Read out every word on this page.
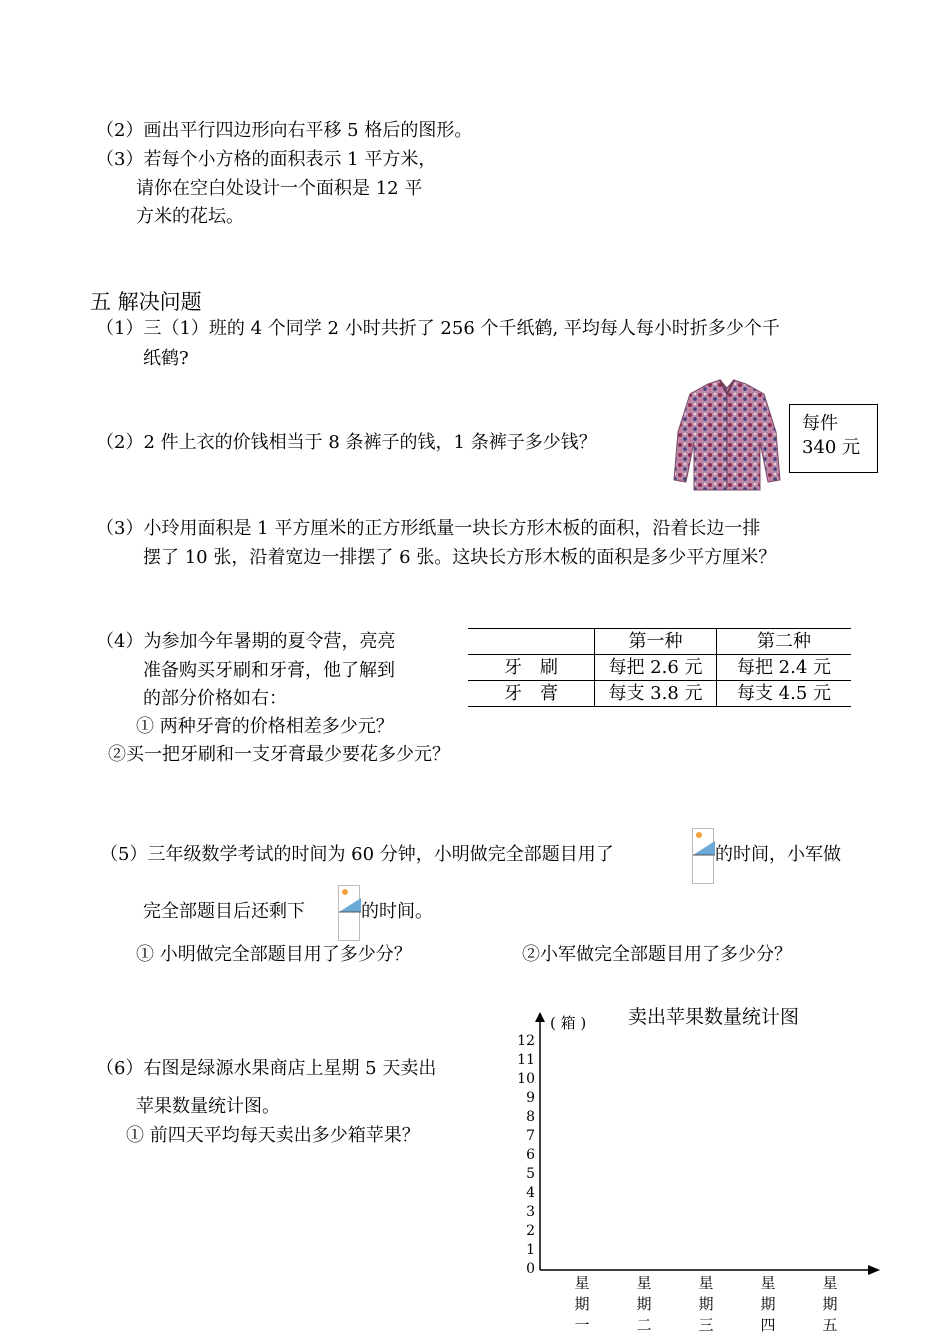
（2）画出平行四边形向右平移 5 格后的图形。
（3）若每个小方格的面积表示 1 平方米，
请你在空白处设计一个面积是 12 平
方米的花坛。
五 解决问题
（1）三（1）班的 4 个同学 2 小时共折了 256 个千纸鹤, 平均每人每小时折多少个千
纸鹤?
（2）2 件上衣的价钱相当于 8 条裤子的钱，1 条裤子多少钱？
每件
340 元
（3）小玲用面积是 1 平方厘米的正方形纸量一块长方形木板的面积，沿着长边一排
摆了 10 张，沿着宽边一排摆了 6 张。这块长方形木板的面积是多少平方厘米？
（4）为参加今年暑期的夏令营，亮亮
准备购买牙刷和牙膏，他了解到
的部分价格如右：
① 两种牙膏的价格相差多少元？
②买一把牙刷和一支牙膏最少要花多少元？
	第一种	第二种
牙　刷	每把 2.6 元	每把 2.4 元
牙　膏	每支 3.8 元	每支 4.5 元
（5）三年级数学考试的时间为 60 分钟，小明做完全部题目用了	的时间，小军做
完全部题目后还剩下	的时间。
① 小明做完全部题目用了多少分？	②小军做完全部题目用了多少分？
（6）右图是绿源水果商店上星期 5 天卖出
苹果数量统计图。
① 前四天平均每天卖出多少箱苹果？
卖出苹果数量统计图
( 箱 )
0
1
2
3
4
5
6
7
8
9
10
11
12
星期一
星期二
星期三
星期四
星期五
